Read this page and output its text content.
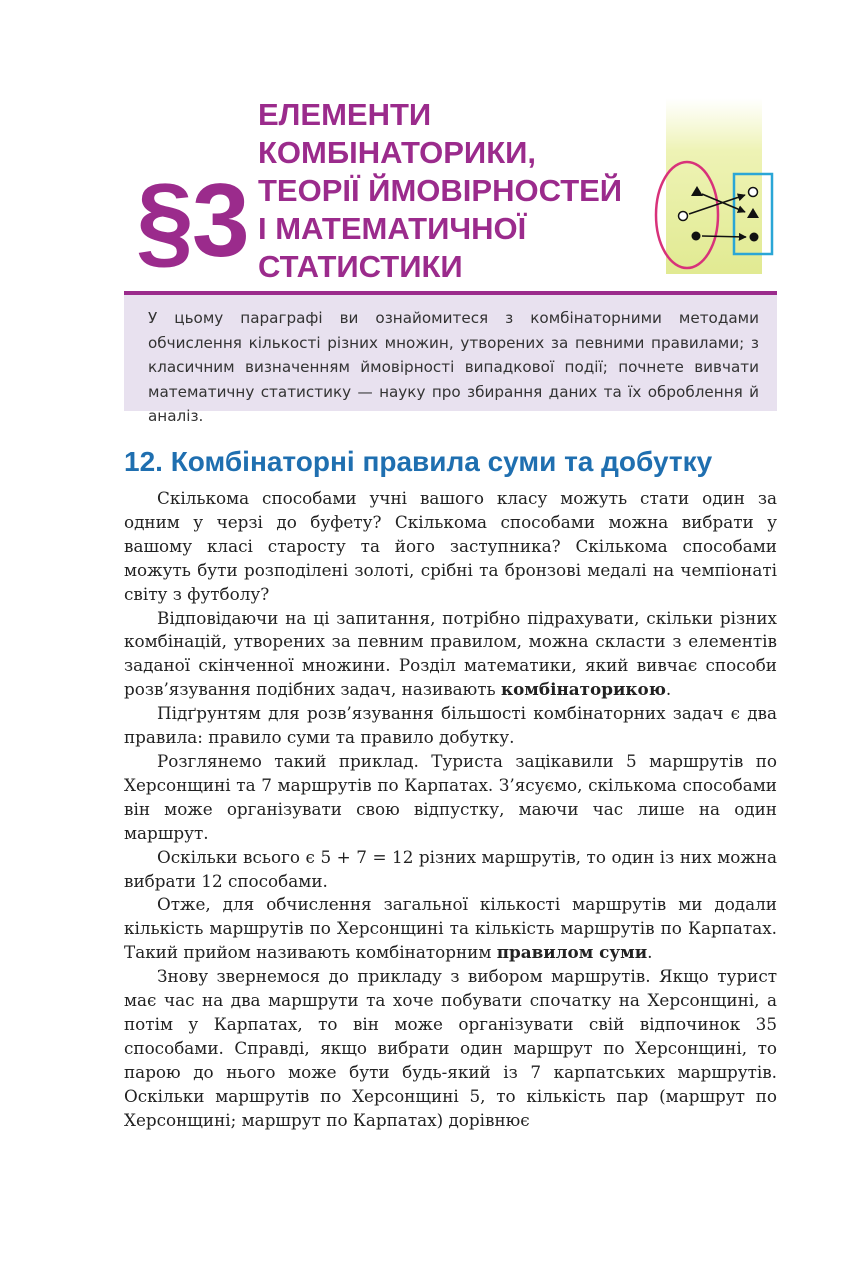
§3
ЕЛЕМЕНТИ
КОМБІНАТОРИКИ,
ТЕОРІЇ ЙМОВІРНОСТЕЙ
І МАТЕМАТИЧНОЇ
СТАТИСТИКИ
У цьому параграфі ви ознайомитеся з комбінаторними методами обчислення кількості різних множин, утворених за певними правилами; з класичним визначенням ймовірності випадкової події; почнете вивчати математичну статистику — науку про збирання даних та їх оброблення й аналіз.
12. Комбінаторні правила суми та добутку

Скількома способами учні вашого класу можуть стати один за одним у черзі до буфету? Скількома способами можна вибрати у вашому класі старосту та його заступника? Скількома способами можуть бути розподілені золоті, срібні та бронзові медалі на чемпіонаті світу з футболу?

Відповідаючи на ці запитання, потрібно підрахувати, скільки різних комбінацій, утворених за певним правилом, можна скласти з елементів заданої скінченної множини. Розділ математики, який вивчає способи розв’язування подібних задач, називають комбінаторикою.

Підґрунтям для розв’язування більшості комбінаторних задач є два правила: правило суми та правило добутку.

Розглянемо такий приклад. Туриста зацікавили 5 маршрутів по Херсонщині та 7 маршрутів по Карпатах. З’ясуємо, скількома способами він може організувати свою відпустку, маючи час лише на один маршрут.

Оскільки всього є 5 + 7 = 12 різних маршрутів, то один із них можна вибрати 12 способами.

Отже, для обчислення загальної кількості маршрутів ми додали кількість маршрутів по Херсонщині та кількість маршрутів по Карпатах. Такий прийом називають комбінаторним правилом суми.

Знову звернемося до прикладу з вибором маршрутів. Якщо турист має час на два маршрути та хоче побувати спочатку на Херсонщині, а потім у Карпатах, то він може організувати свій відпочинок 35 способами. Справді, якщо вибрати один маршрут по Херсонщині, то парою до нього може бути будь-який із 7 карпатських маршрутів. Оскільки маршрутів по Херсонщині 5, то кількість пар (маршрут по Херсонщині; маршрут по Карпатах) дорівнює
